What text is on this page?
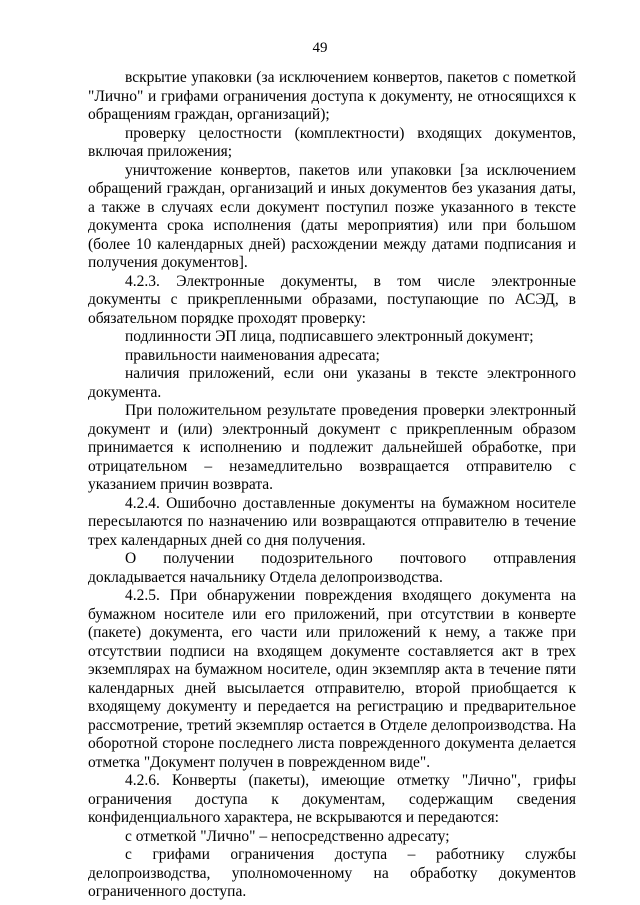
49

вскрытие упаковки (за исключением конвертов, пакетов с пометкой "Лично" и грифами ограничения доступа к документу, не относящихся к обращениям граждан, организаций);

проверку целостности (комплектности) входящих документов, включая приложения;

уничтожение конвертов, пакетов или упаковки [за исключением обращений граждан, организаций и иных документов без указания даты, а также в случаях если документ поступил позже указанного в тексте документа срока исполнения (даты мероприятия) или при большом (более 10 календарных дней) расхождении между датами подписания и получения документов].

4.2.3. Электронные документы, в том числе электронные документы с прикрепленными образами, поступающие по АСЭД, в обязательном порядке проходят проверку:

подлинности ЭП лица, подписавшего электронный документ;

правильности наименования адресата;

наличия приложений, если они указаны в тексте электронного документа.

При положительном результате проведения проверки электронный документ и (или) электронный документ с прикрепленным образом принимается к исполнению и подлежит дальнейшей обработке, при отрицательном – незамедлительно возвращается отправителю с указанием причин возврата.

4.2.4. Ошибочно доставленные документы на бумажном носителе пересылаются по назначению или возвращаются отправителю в течение трех календарных дней со дня получения.

О получении подозрительного почтового отправления докладывается начальнику Отдела делопроизводства.

4.2.5. При обнаружении повреждения входящего документа на бумажном носителе или его приложений, при отсутствии в конверте (пакете) документа, его части или приложений к нему, а также при отсутствии подписи на входящем документе составляется акт в трех экземплярах на бумажном носителе, один экземпляр акта в течение пяти календарных дней высылается отправителю, второй приобщается к входящему документу и передается на регистрацию и предварительное рассмотрение, третий экземпляр остается в Отделе делопроизводства. На оборотной стороне последнего листа поврежденного документа делается отметка "Документ получен в поврежденном виде".

4.2.6. Конверты (пакеты), имеющие отметку "Лично", грифы ограничения доступа к документам, содержащим сведения конфиденциального характера, не вскрываются и передаются:

с отметкой "Лично" – непосредственно адресату;

с грифами ограничения доступа – работнику службы делопроизводства, уполномоченному на обработку документов ограниченного доступа.
